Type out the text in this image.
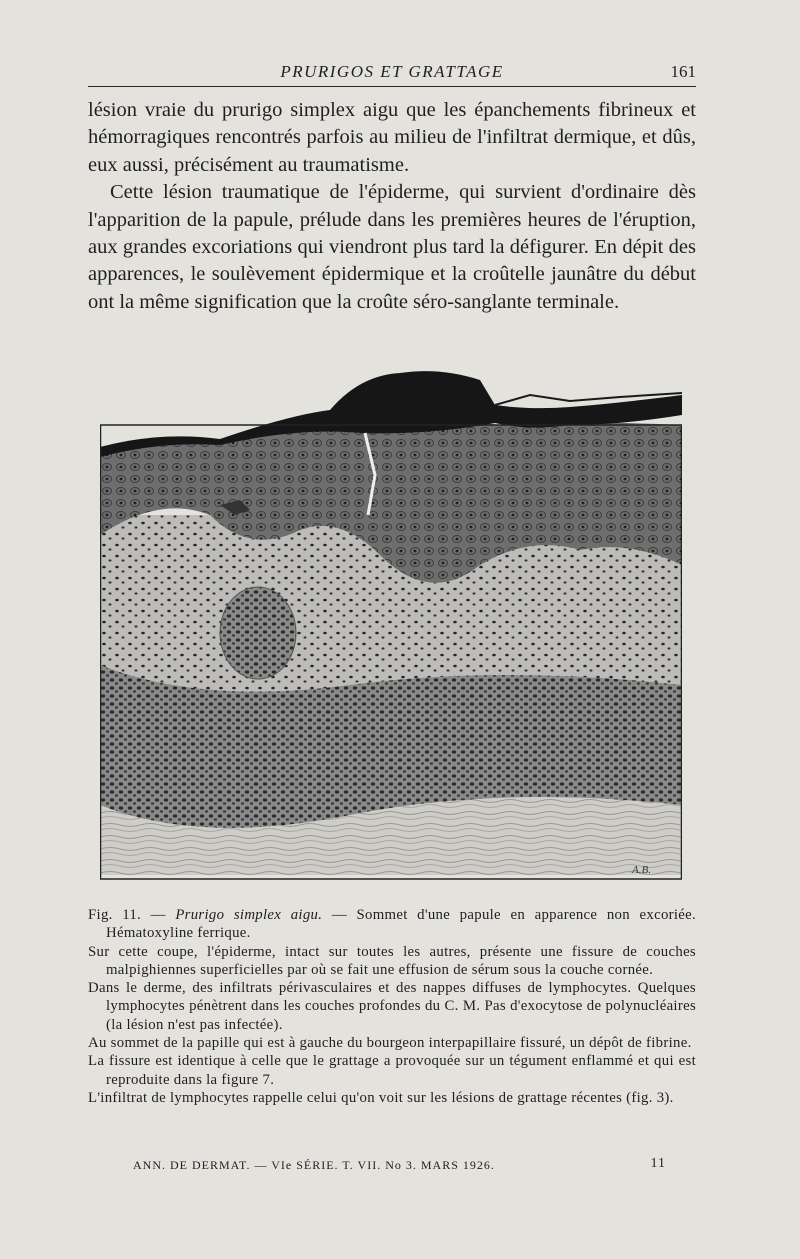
PRURIGOS ET GRATTAGE	161

lésion vraie du prurigo simplex aigu que les épanchements fibrineux et hémorragiques rencontrés parfois au milieu de l'infiltrat dermique, et dûs, eux aussi, précisément au traumatisme.

Cette lésion traumatique de l'épiderme, qui survient d'ordinaire dès l'apparition de la papule, prélude dans les premières heures de l'éruption, aux grandes excoriations qui viendront plus tard la défigurer. En dépit des apparences, le soulèvement épidermique et la croûtelle jaunâtre du début ont la même signification que la croûte séro-sanglante terminale.

A.B.

Fig. 11. — Prurigo simplex aigu. — Sommet d'une papule en apparence non excoriée. Hématoxyline ferrique.

Sur cette coupe, l'épiderme, intact sur toutes les autres, présente une fissure de couches malpighiennes superficielles par où se fait une effusion de sérum sous la couche cornée.

Dans le derme, des infiltrats périvasculaires et des nappes diffuses de lymphocytes. Quelques lymphocytes pénètrent dans les couches profondes du C. M. Pas d'exocytose de polynucléaires (la lésion n'est pas infectée).

Au sommet de la papille qui est à gauche du bourgeon interpapillaire fissuré, un dépôt de fibrine.

La fissure est identique à celle que le grattage a provoquée sur un tégument enflammé et qui est reproduite dans la figure 7.

L'infiltrat de lymphocytes rappelle celui qu'on voit sur les lésions de grattage récentes (fig. 3).

ANN. DE DERMAT. — VIe SÉRIE. T. VII. No 3. MARS 1926.	11
